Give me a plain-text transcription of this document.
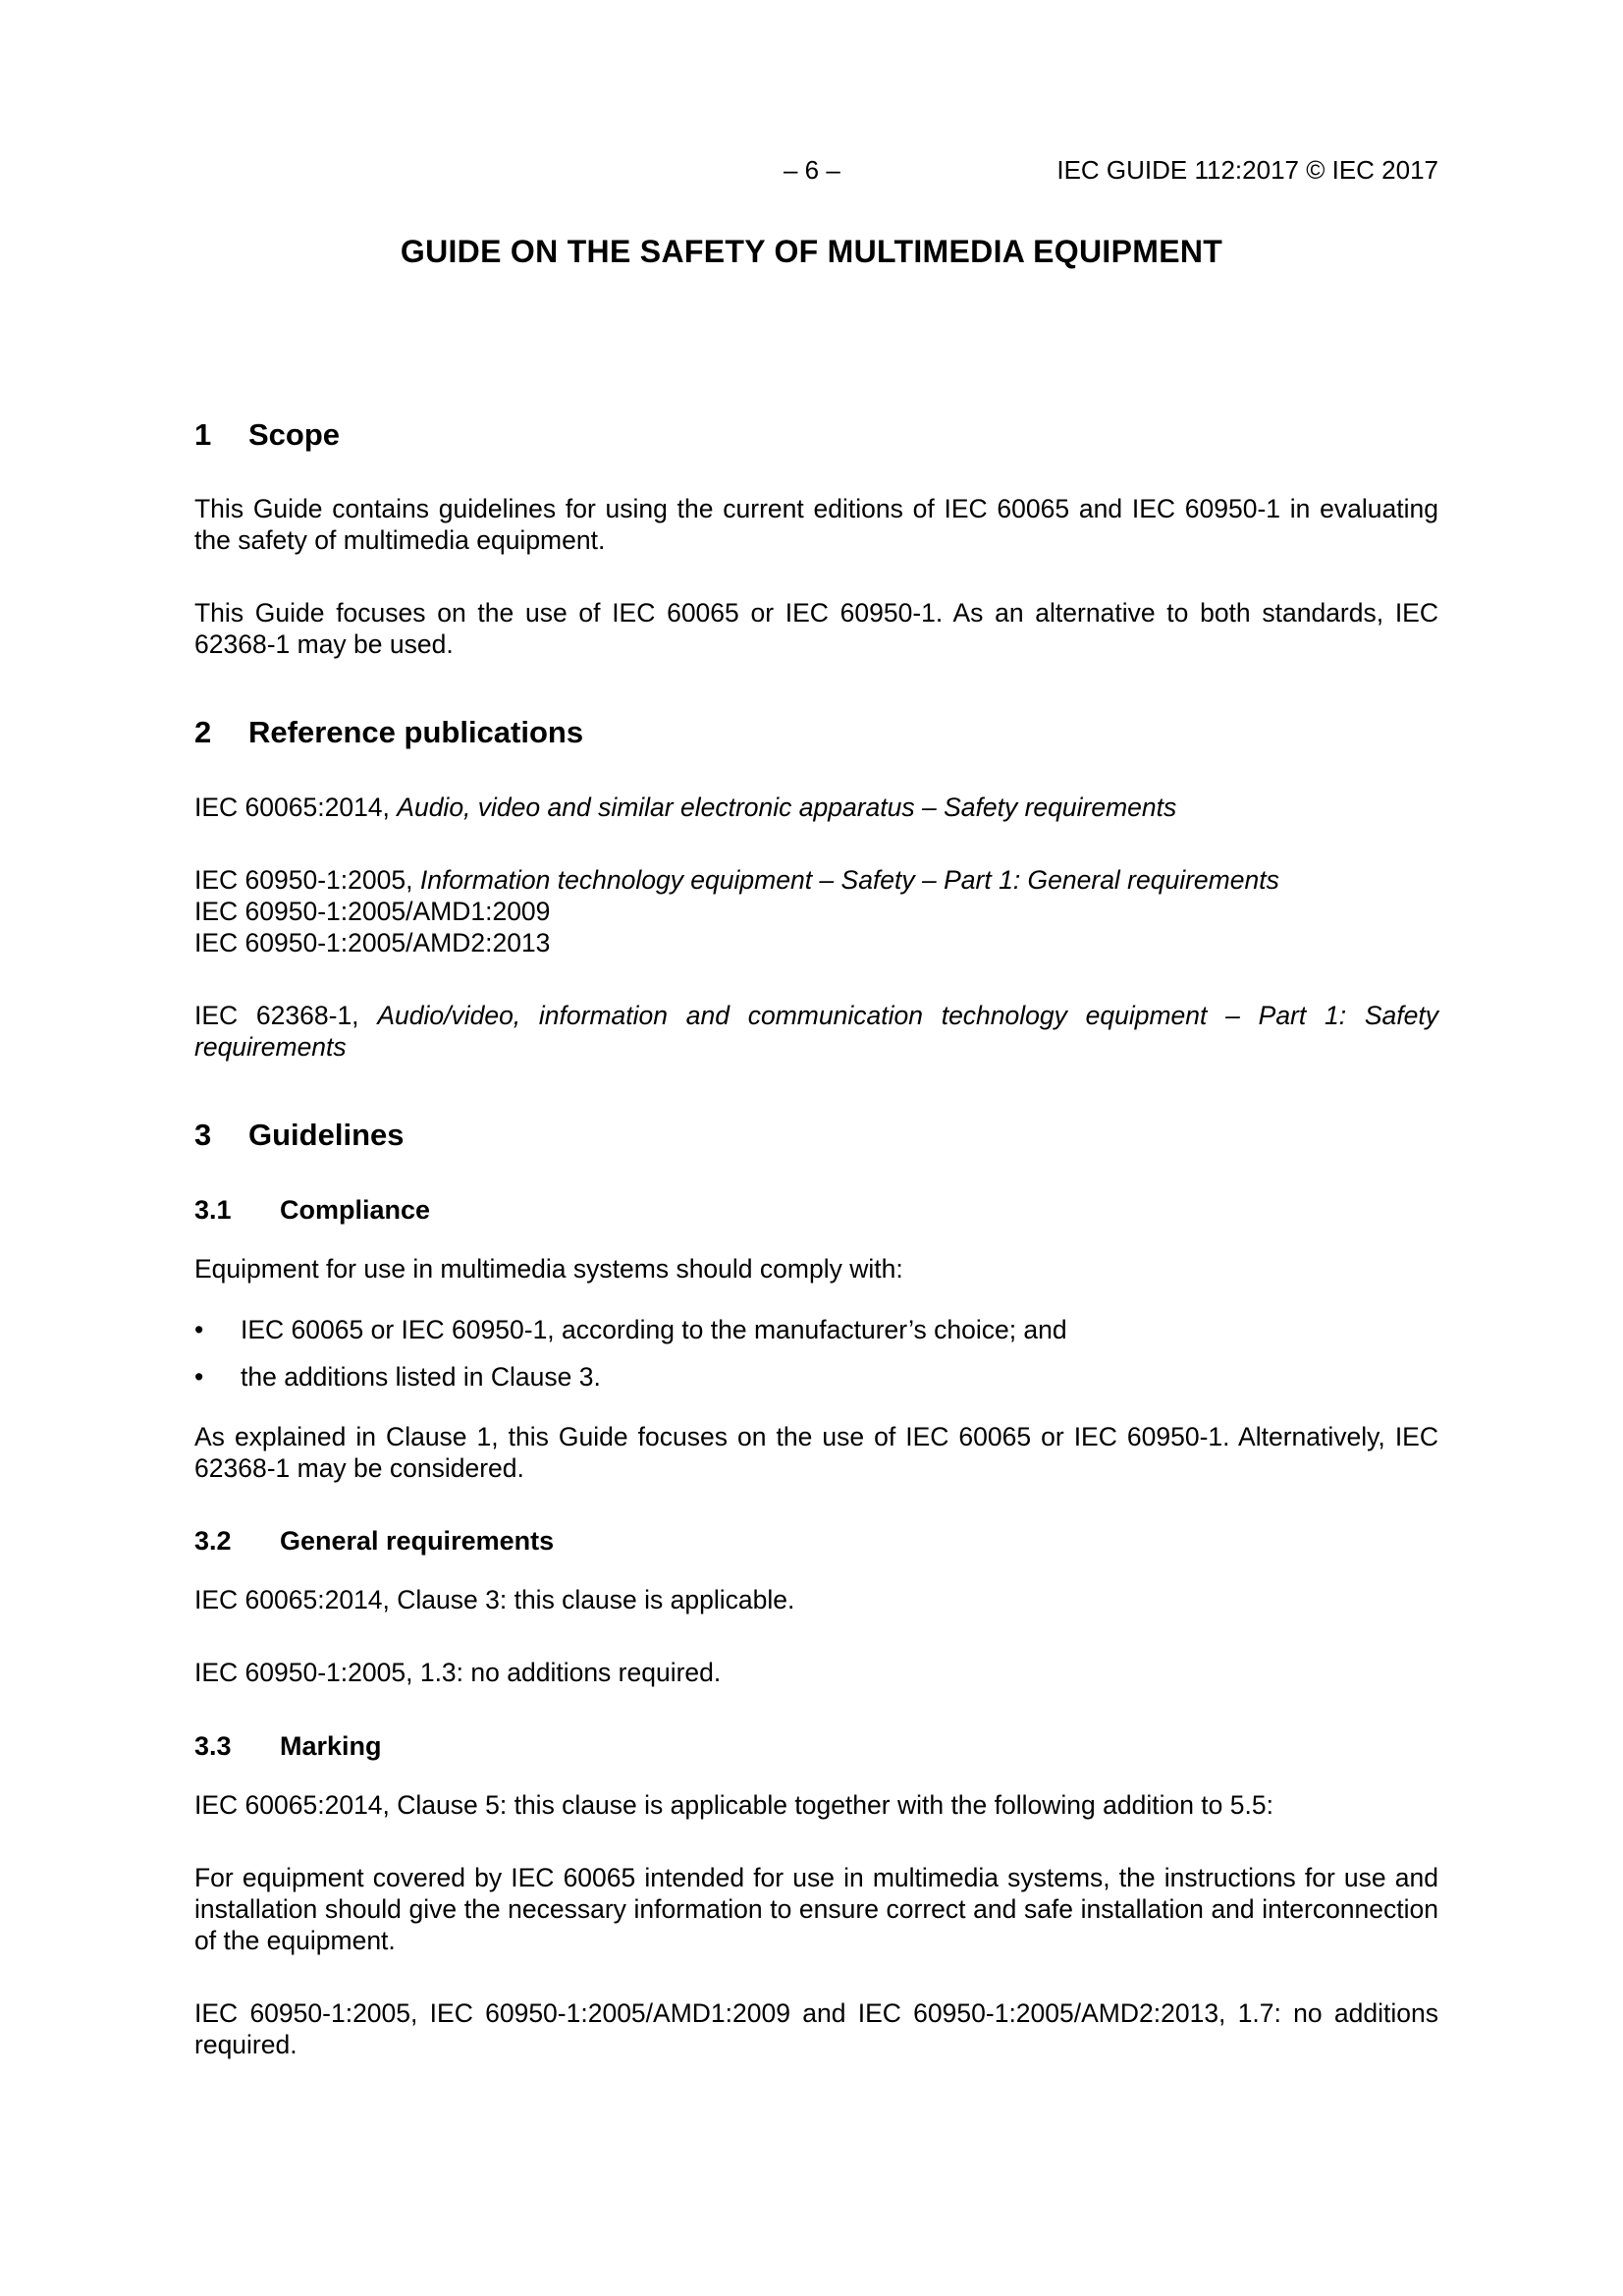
– 6 –	IEC GUIDE 112:2017 © IEC 2017
GUIDE ON THE SAFETY OF MULTIMEDIA EQUIPMENT
1 Scope
This Guide contains guidelines for using the current editions of IEC 60065 and IEC 60950-1 in evaluating the safety of multimedia equipment.
This Guide focuses on the use of IEC 60065 or IEC 60950-1. As an alternative to both standards, IEC 62368-1 may be used.
2 Reference publications
IEC 60065:2014, Audio, video and similar electronic apparatus – Safety requirements
IEC 60950-1:2005, Information technology equipment – Safety – Part 1: General requirements
IEC 60950-1:2005/AMD1:2009
IEC 60950-1:2005/AMD2:2013
IEC 62368-1, Audio/video, information and communication technology equipment – Part 1: Safety requirements
3 Guidelines
3.1 Compliance
Equipment for use in multimedia systems should comply with:
• IEC 60065 or IEC 60950-1, according to the manufacturer’s choice; and
• the additions listed in Clause 3.
As explained in Clause 1, this Guide focuses on the use of IEC 60065 or IEC 60950-1. Alternatively, IEC 62368-1 may be considered.
3.2 General requirements
IEC 60065:2014, Clause 3: this clause is applicable.
IEC 60950-1:2005, 1.3: no additions required.
3.3 Marking
IEC 60065:2014, Clause 5: this clause is applicable together with the following addition to 5.5:
For equipment covered by IEC 60065 intended for use in multimedia systems, the instructions for use and installation should give the necessary information to ensure correct and safe installation and interconnection of the equipment.
IEC 60950-1:2005, IEC 60950-1:2005/AMD1:2009 and IEC 60950-1:2005/AMD2:2013, 1.7: no additions required.
